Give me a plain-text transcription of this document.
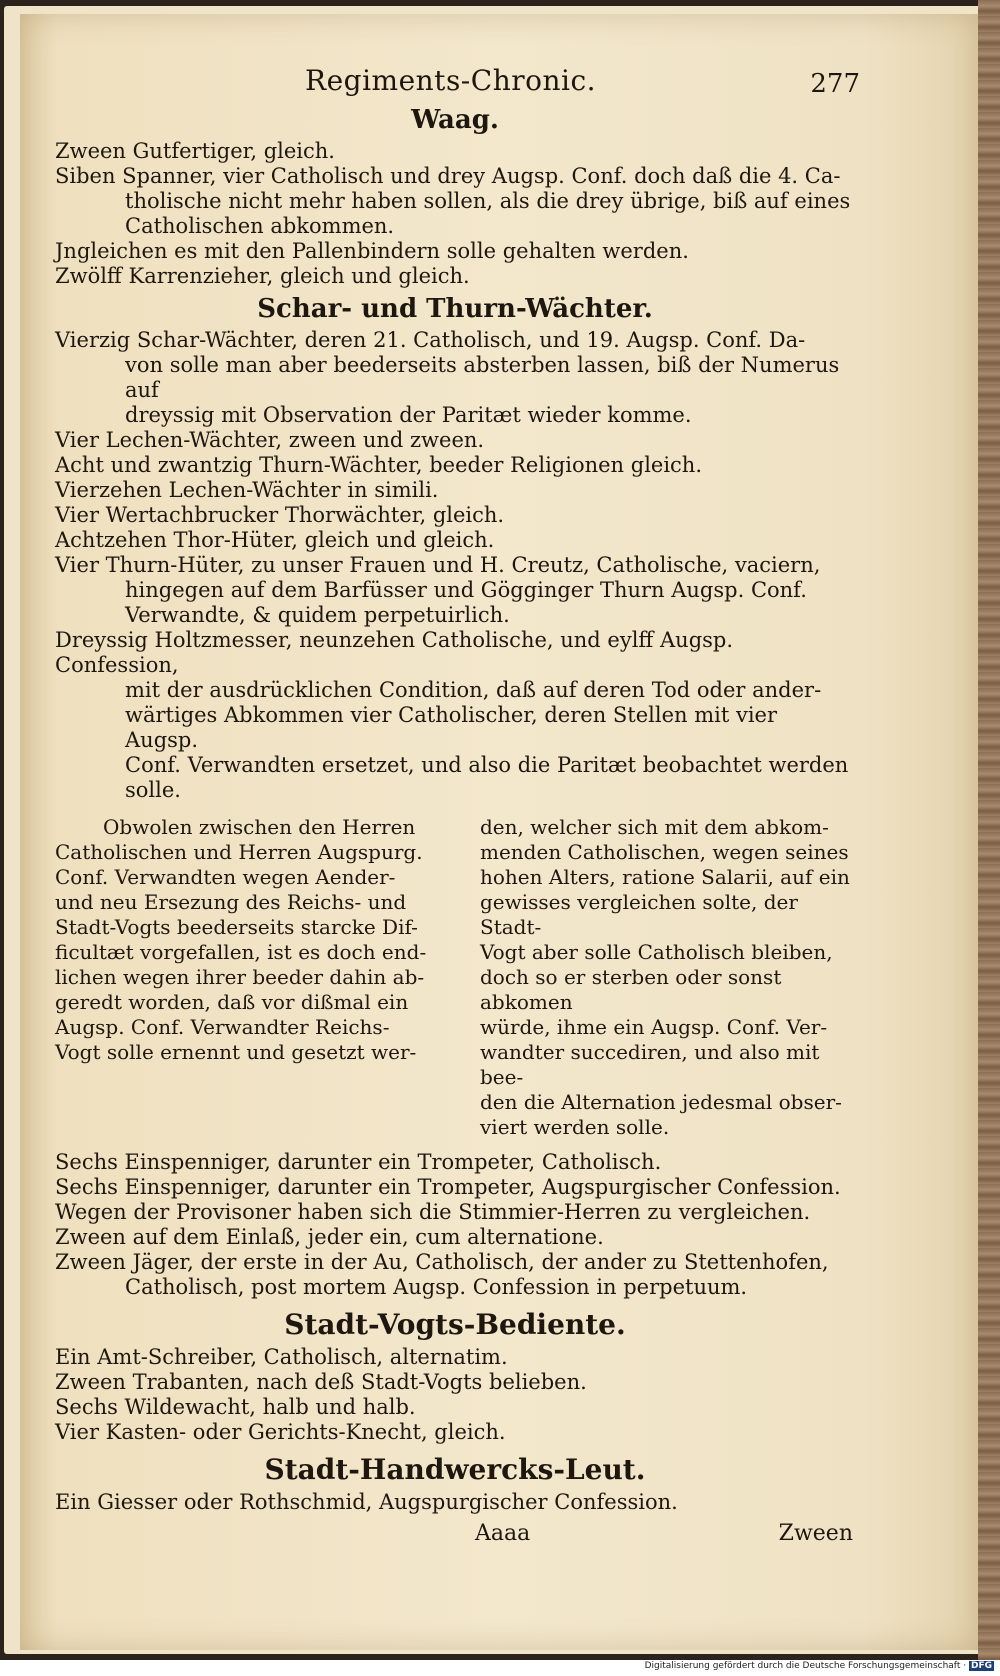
Regiments-Chronic.	277
Waag.

Zween Gutfertiger, gleich.

Siben Spanner, vier Catholisch und drey Augsp. Conf. doch daß die 4. Ca-

tholische nicht mehr haben sollen, als die drey übrige, biß auf eines

Catholischen abkommen.

Jngleichen es mit den Pallenbindern solle gehalten werden.

Zwölff Karrenzieher, gleich und gleich.

Schar- und Thurn-Wächter.

Vierzig Schar-Wächter, deren 21. Catholisch, und 19. Augsp. Conf. Da-

von solle man aber beederseits absterben lassen, biß der Numerus auf

dreyssig mit Observation der Paritæt wieder komme.

Vier Lechen-Wächter, zween und zween.

Acht und zwantzig Thurn-Wächter, beeder Religionen gleich.

Vierzehen Lechen-Wächter in simili.

Vier Wertachbrucker Thorwächter, gleich.

Achtzehen Thor-Hüter, gleich und gleich.

Vier Thurn-Hüter, zu unser Frauen und H. Creutz, Catholische, vaciern,

hingegen auf dem Barfüsser und Gögginger Thurn Augsp. Conf.

Verwandte, & quidem perpetuirlich.

Dreyssig Holtzmesser, neunzehen Catholische, und eylff Augsp. Confession,

mit der ausdrücklichen Condition, daß auf deren Tod oder ander-

wärtiges Abkommen vier Catholischer, deren Stellen mit vier Augsp.

Conf. Verwandten ersetzet, und also die Paritæt beobachtet werden

solle.

Obwolen zwischen den Herren

Catholischen und Herren Augspurg.

Conf. Verwandten wegen Aender-

und neu Ersezung des Reichs- und

Stadt-Vogts beederseits starcke Dif-

ficultæt vorgefallen, ist es doch end-

lichen wegen ihrer beeder dahin ab-

geredt worden, daß vor dißmal ein

Augsp. Conf. Verwandter Reichs-

Vogt solle ernennt und gesetzt wer-

den, welcher sich mit dem abkom-

menden Catholischen, wegen seines

hohen Alters, ratione Salarii, auf ein

gewisses vergleichen solte, der Stadt-

Vogt aber solle Catholisch bleiben,

doch so er sterben oder sonst abkomen

würde, ihme ein Augsp. Conf. Ver-

wandter succediren, und also mit bee-

den die Alternation jedesmal obser-

viert werden solle.

Sechs Einspenniger, darunter ein Trompeter, Catholisch.

Sechs Einspenniger, darunter ein Trompeter, Augspurgischer Confession.

Wegen der Provisoner haben sich die Stimmier-Herren zu vergleichen.

Zween auf dem Einlaß, jeder ein, cum alternatione.

Zween Jäger, der erste in der Au, Catholisch, der ander zu Stettenhofen,

Catholisch, post mortem Augsp. Confession in perpetuum.

Stadt-Vogts-Bediente.

Ein Amt-Schreiber, Catholisch, alternatim.

Zween Trabanten, nach deß Stadt-Vogts belieben.

Sechs Wildewacht, halb und halb.

Vier Kasten- oder Gerichts-Knecht, gleich.

Stadt-Handwercks-Leut.

Ein Giesser oder Rothschmid, Augspurgischer Confession.

Aaaa	Zween
Digitalisierung gefördert durch die Deutsche Forschungsgemeinschaft · DFG
